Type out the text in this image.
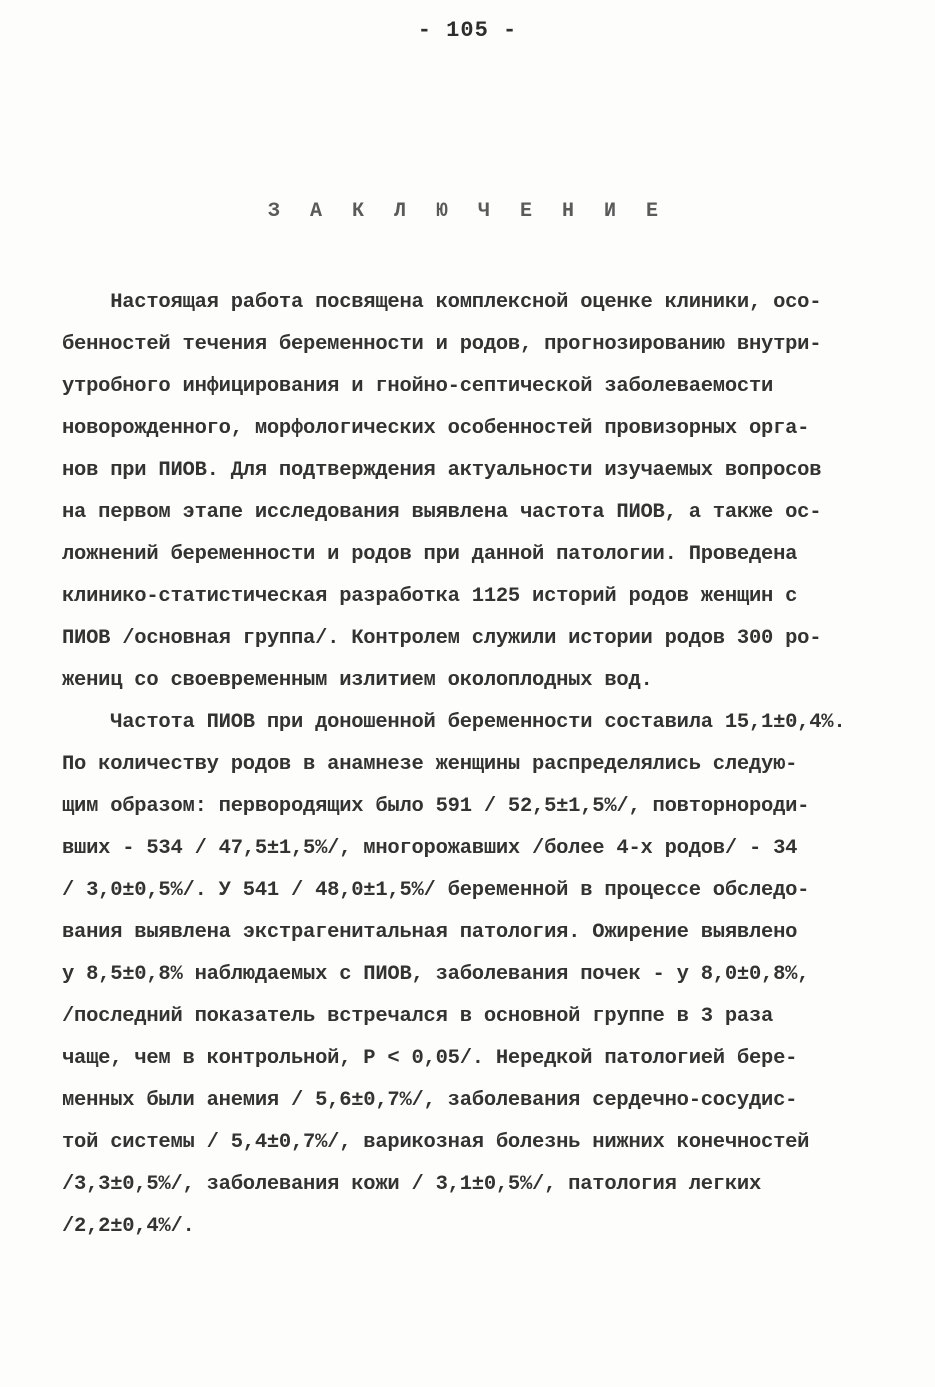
- 105 -
З А К Л Ю Ч Е Н И Е
Настоящая работа посвящена комплексной оценке клиники, осо-
бенностей течения беременности и родов, прогнозированию внутри-
утробного инфицирования и гнойно-септической заболеваемости
новорожденного, морфологических особенностей провизорных орга-
нов при ПИОВ. Для подтверждения актуальности изучаемых вопросов
на первом этапе исследования выявлена частота ПИОВ, а также ос-
ложнений беременности и родов при данной патологии. Проведена
клинико-статистическая разработка 1125 историй родов женщин с
ПИОВ /основная группа/. Контролем служили истории родов 300 ро-
жениц со своевременным излитием околоплодных вод.
Частота ПИОВ при доношенной беременности составила 15,1±0,4%.
По количеству родов в анамнезе женщины распределялись следую-
щим образом: первородящих было 591 / 52,5±1,5%/, повторнороди-
вших - 534 / 47,5±1,5%/, многорожавших /более 4-х родов/ - 34
/ 3,0±0,5%/. У 541 / 48,0±1,5%/ беременной в процессе обследо-
вания выявлена экстрагенитальная патология. Ожирение выявлено
у 8,5±0,8% наблюдаемых с ПИОВ, заболевания почек - у 8,0±0,8%,
/последний показатель встречался в основной группе в 3 раза
чаще, чем в контрольной, Р < 0,05/. Нередкой патологией бере-
менных были анемия / 5,6±0,7%/, заболевания сердечно-сосудис-
той системы / 5,4±0,7%/, варикозная болезнь нижних конечностей
/3,3±0,5%/, заболевания кожи / 3,1±0,5%/, патология легких
/2,2±0,4%/.
